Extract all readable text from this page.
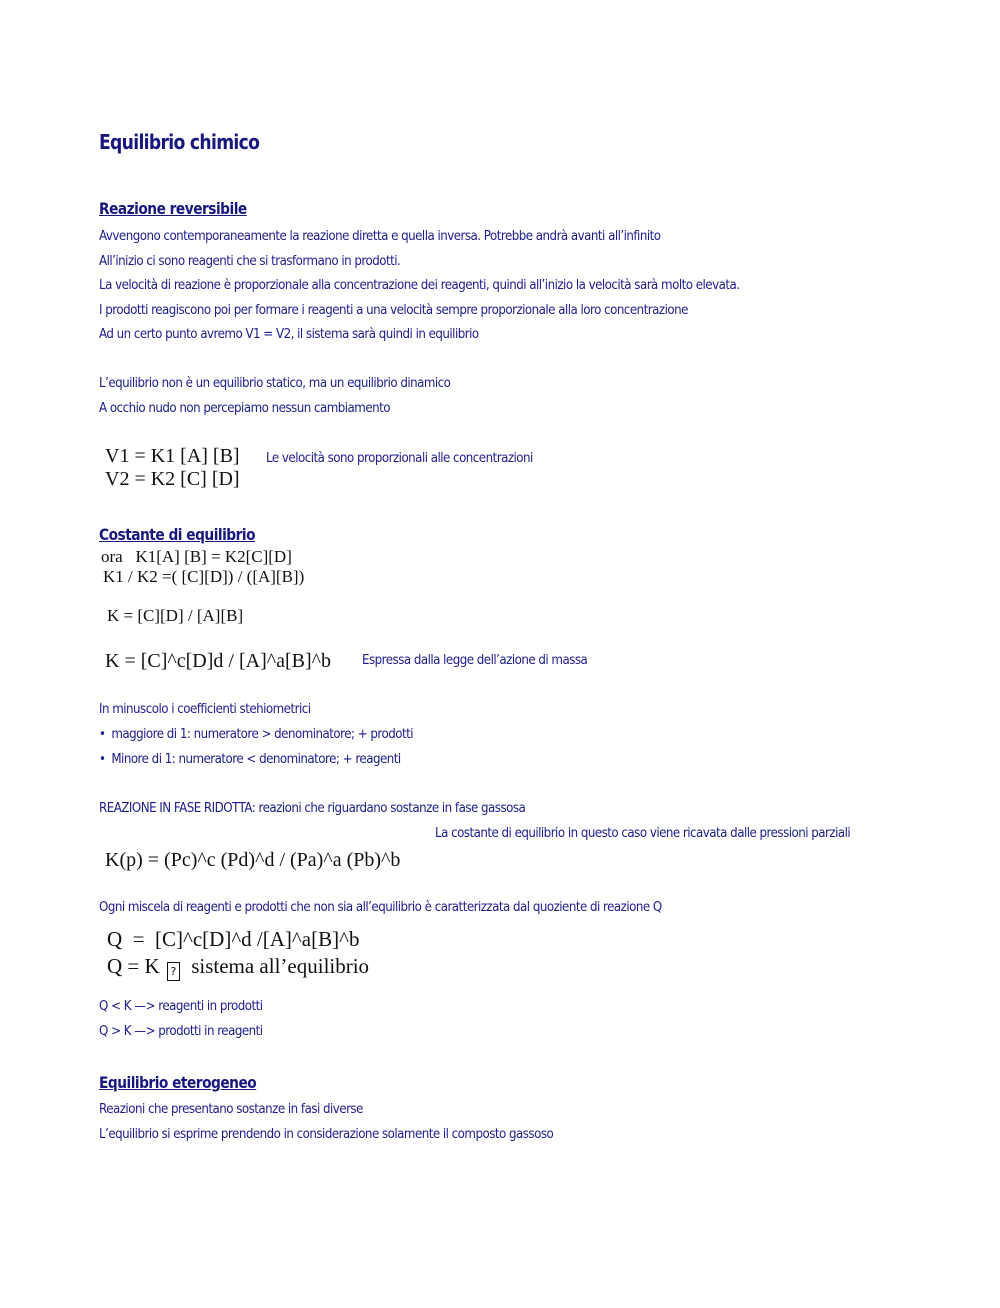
Equilibrio chimico
Reazione reversibile
Avvengono contemporaneamente la reazione diretta e quella inversa. Potrebbe andrà avanti all’infinito
All’inizio ci sono reagenti che si trasformano in prodotti.
La velocità di reazione è proporzionale alla concentrazione dei reagenti, quindi all’inizio la velocità sarà molto elevata.
I prodotti reagiscono poi per formare i reagenti a una velocità sempre proporzionale alla loro concentrazione
Ad un certo punto avremo V1 = V2, il sistema sarà quindi in equilibrio
L’equilibrio non è un equilibrio statico, ma un equilibrio dinamico
A occhio nudo non percepiamo nessun cambiamento
V1 = K1 [A] [B]
V2 = K2 [C] [D]
Le velocità sono proporzionali alle concentrazioni
Costante di equilibrio
ora   K1[A] [B] = K2[C][D]
K1 / K2 =( [C][D]) / ([A][B])
K = [C][D] / [A][B]
K = [C]^c[D]d / [A]^a[B]^b Espressa dalla legge dell’azione di massa
In minuscolo i coefficienti stehiometrici
• maggiore di 1: numeratore > denominatore; + prodotti
• Minore di 1: numeratore < denominatore; + reagenti
REAZIONE IN FASE RIDOTTA: reazioni che riguardano sostanze in fase gassosa
La costante di equilibrio in questo caso viene ricavata dalle pressioni parziali
K(p) = (Pc)^c (Pd)^d / (Pa)^a (Pb)^b
Ogni miscela di reagenti e prodotti che non sia all’equilibrio è caratterizzata dal quoziente di reazione Q
Q  =  [C]^c[D]^d /[A]^a[B]^b
Q = K ? sistema all’equilibrio
Q < K —> reagenti in prodotti
Q > K —> prodotti in reagenti
Equilibrio eterogeneo
Reazioni che presentano sostanze in fasi diverse
L’equilibrio si esprime prendendo in considerazione solamente il composto gassoso
